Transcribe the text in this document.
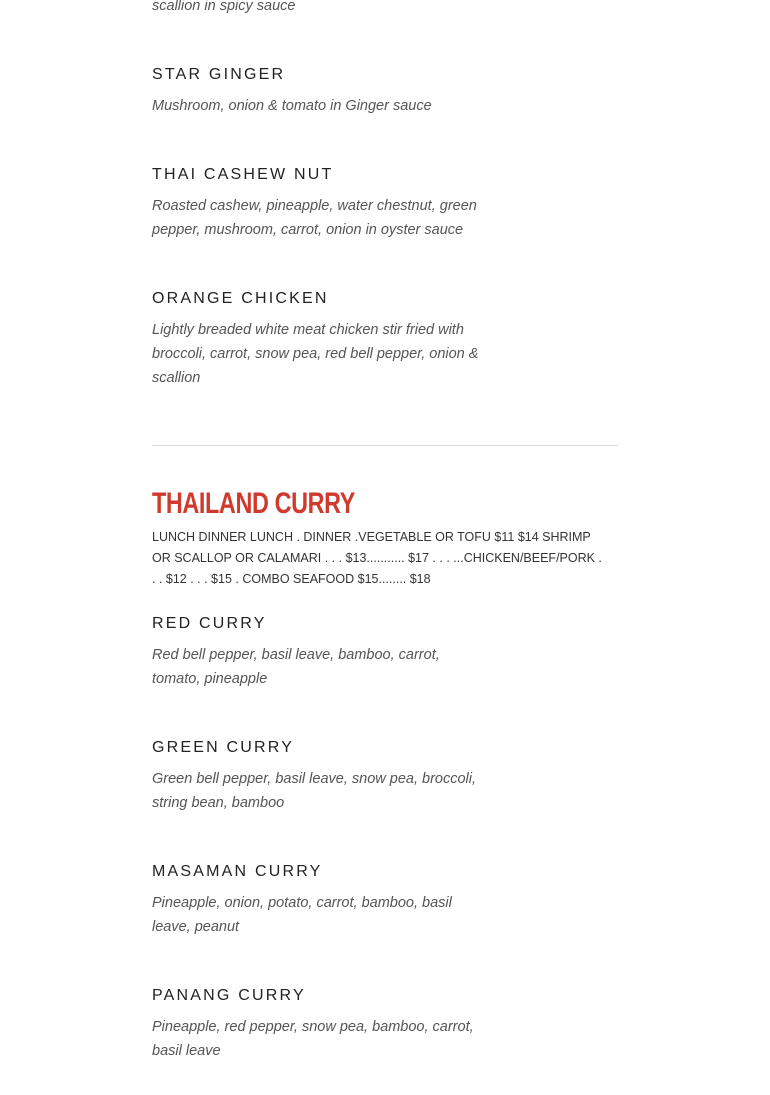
scallion in spicy sauce
STAR GINGER
Mushroom, onion & tomato in Ginger sauce
THAI CASHEW NUT
Roasted cashew, pineapple, water chestnut, green pepper, mushroom, carrot, onion in oyster sauce
ORANGE CHICKEN
Lightly breaded white meat chicken stir fried with broccoli, carrot, snow pea, red bell pepper, onion & scallion
THAILAND CURRY
LUNCH DINNER LUNCH . DINNER .VEGETABLE OR TOFU $11 $14 SHRIMP OR SCALLOP OR CALAMARI . . . $13........... $17 . . . ...CHICKEN/BEEF/PORK . . . $12 . . . $15 . COMBO SEAFOOD $15........ $18
RED CURRY
Red bell pepper, basil leave, bamboo, carrot, tomato, pineapple
GREEN CURRY
Green bell pepper, basil leave, snow pea, broccoli, string bean, bamboo
MASAMAN CURRY
Pineapple, onion, potato, carrot, bamboo, basil leave, peanut
PANANG CURRY
Pineapple, red pepper, snow pea, bamboo, carrot, basil leave
